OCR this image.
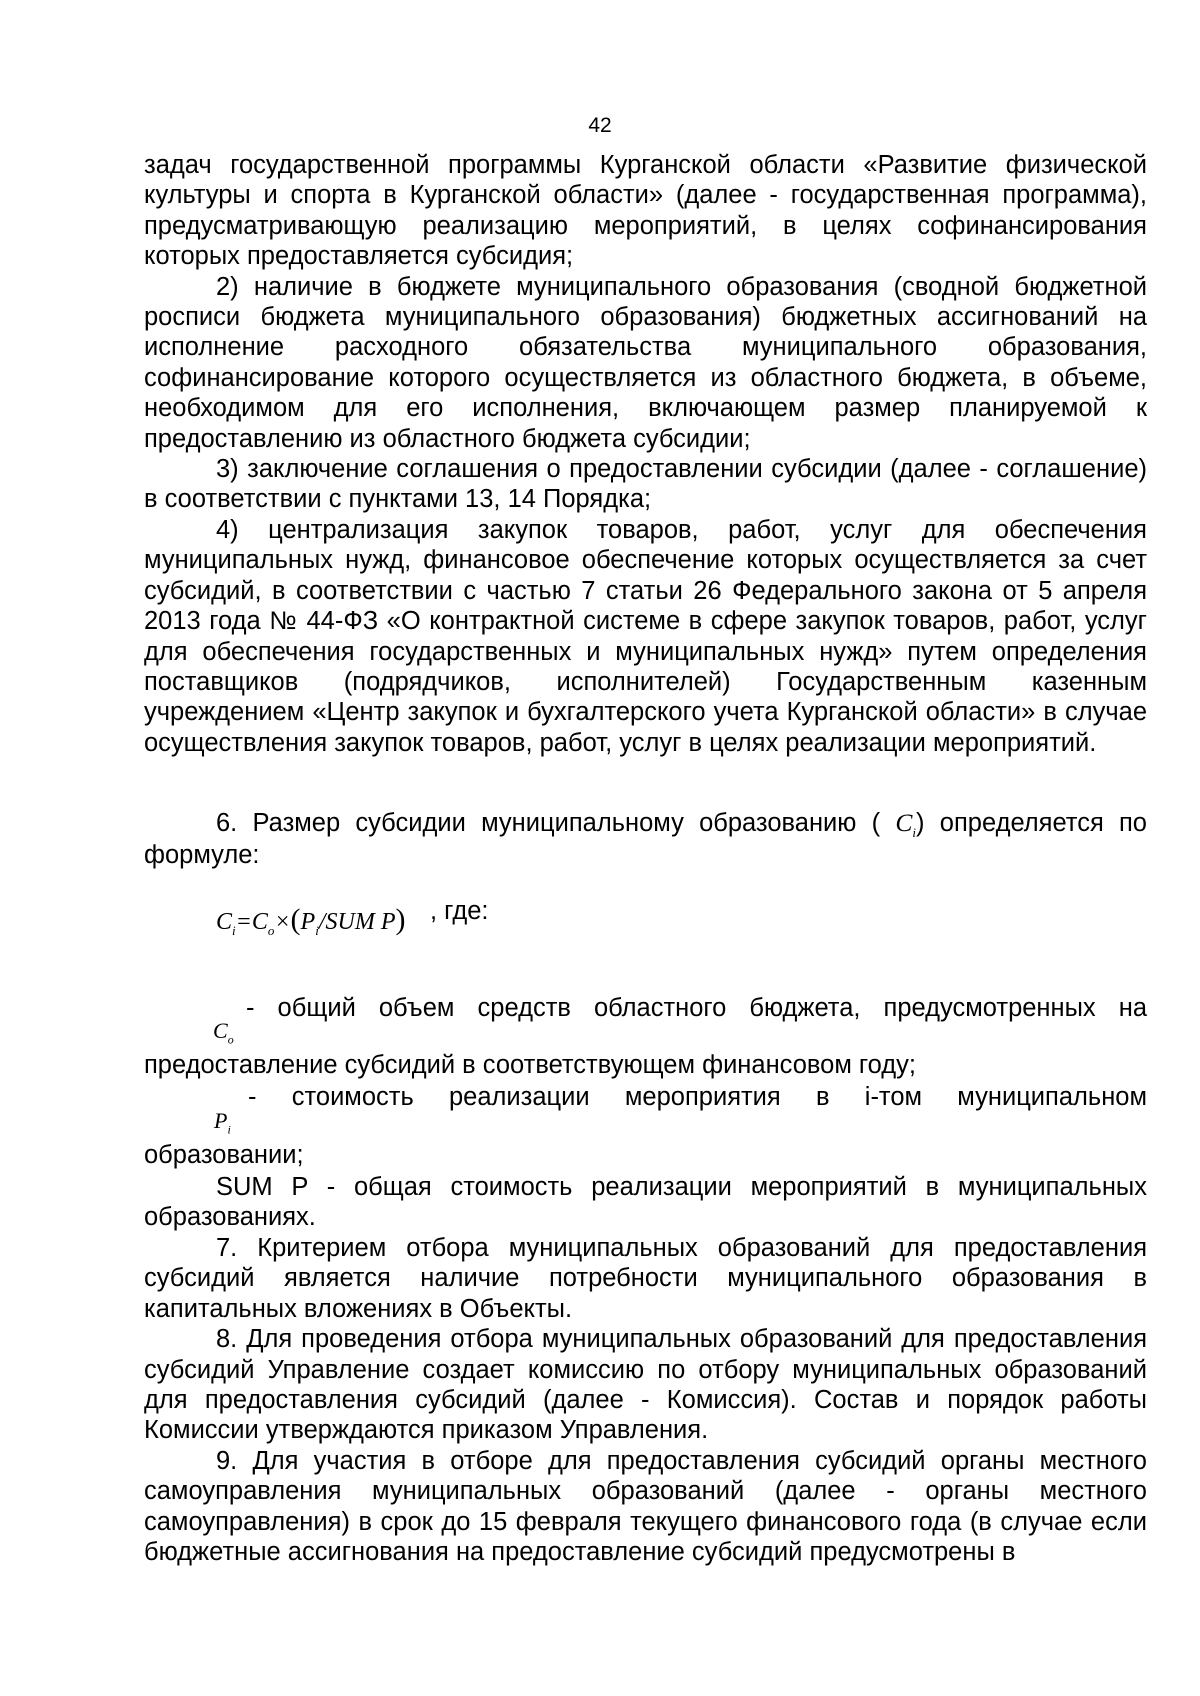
42

задач государственной программы Курганской области «Развитие физической культуры и спорта в Курганской области» (далее - государственная программа), предусматривающую реализацию мероприятий, в целях софинансирования которых предоставляется субсидия;

2) наличие в бюджете муниципального образования (сводной бюджетной росписи бюджета муниципального образования) бюджетных ассигнований на исполнение расходного обязательства муниципального образования, софинансирование которого осуществляется из областного бюджета, в объеме, необходимом для его исполнения, включающем размер планируемой к предоставлению из областного бюджета субсидии;

3) заключение соглашения о предоставлении субсидии (далее - соглашение) в соответствии с пунктами 13, 14 Порядка;

4) централизация закупок товаров, работ, услуг для обеспечения муниципальных нужд, финансовое обеспечение которых осуществляется за счет субсидий, в соответствии с частью 7 статьи 26 Федерального закона от 5 апреля 2013 года № 44-ФЗ «О контрактной системе в сфере закупок товаров, работ, услуг для обеспечения государственных и муниципальных нужд» путем определения поставщиков (подрядчиков, исполнителей) Государственным казенным учреждением «Центр закупок и бухгалтерского учета Курганской области» в случае осуществления закупок товаров, работ, услуг в целях реализации мероприятий.

6. Размер субсидии муниципальному образованию ( $C_i$) определяется по
формуле:
$C_i=C_o\times(P_i$/SUM P) , где:
$C_o$
- общий объем средств областного бюджета, предусмотренных на
предоставление субсидий в соответствующем финансовом году;
$P_i$
- стоимость реализации мероприятия в i-том муниципальном
образовании;
SUM P - общая стоимость реализации мероприятий в муниципальных образованиях.

7. Критерием отбора муниципальных образований для предоставления субсидий является наличие потребности муниципального образования в капитальных вложениях в Объекты.

8. Для проведения отбора муниципальных образований для предоставления субсидий Управление создает комиссию по отбору муниципальных образований для предоставления субсидий (далее - Комиссия). Состав и порядок работы Комиссии утверждаются приказом Управления.

9. Для участия в отборе для предоставления субсидий органы местного самоуправления муниципальных образований (далее - органы местного самоуправления) в срок до 15 февраля текущего финансового года (в случае если бюджетные ассигнования на предоставление субсидий предусмотрены в
